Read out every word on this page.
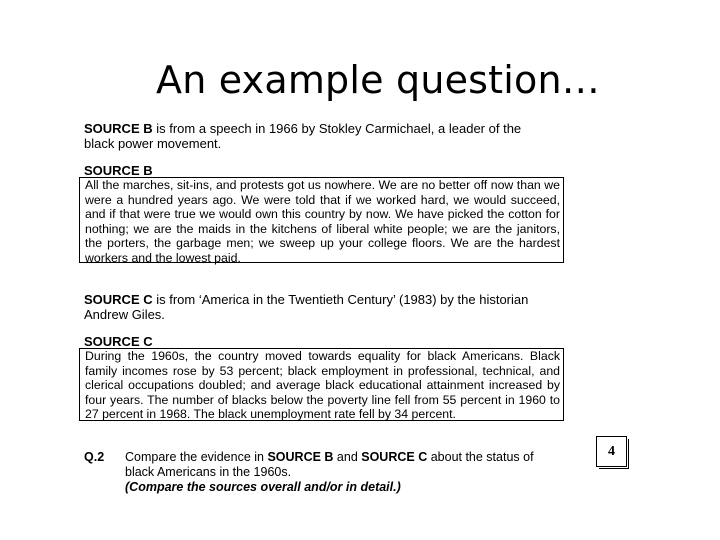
An example question…
SOURCE B is from a speech in 1966 by Stokley Carmichael, a leader of the black power movement.
SOURCE B
All the marches, sit-ins, and protests got us nowhere. We are no better off now than we were a hundred years ago. We were told that if we worked hard, we would succeed, and if that were true we would own this country by now. We have picked the cotton for nothing; we are the maids in the kitchens of liberal white people; we are the janitors, the porters, the garbage men; we sweep up your college floors. We are the hardest workers and the lowest paid.
SOURCE C is from ‘America in the Twentieth Century’ (1983) by the historian Andrew Giles.
SOURCE C
During the 1960s, the country moved towards equality for black Americans. Black family incomes rose by 53 percent; black employment in professional, technical, and clerical occupations doubled; and average black educational attainment increased by four years. The number of blacks below the poverty line fell from 55 percent in 1960 to 27 percent in 1968. The black unemployment rate fell by 34 percent.
Q.2 Compare the evidence in SOURCE B and SOURCE C about the status of black Americans in the 1960s.
(Compare the sources overall and/or in detail.)
4
